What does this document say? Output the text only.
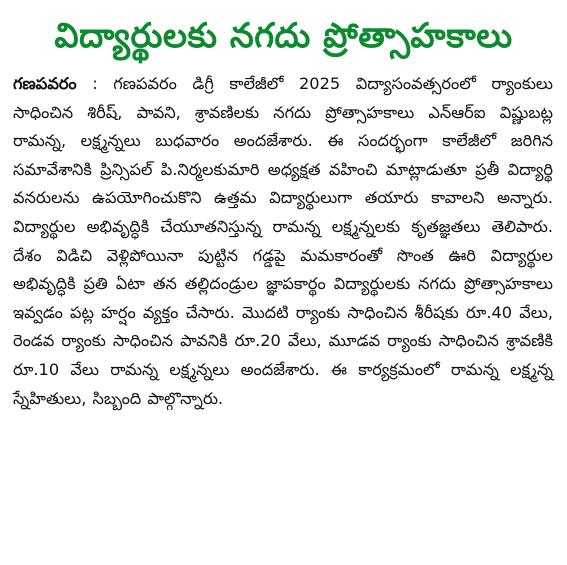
విద్యార్థులకు నగదు ప్రోత్సాహకాలు

గణపవరం : గణపవరం డిగ్రీ కాలేజీలో 2025 విద్యాసంవత్సరంలో ర్యాంకులు సాధించిన శిరీష్, పావని, శ్రావణిలకు నగదు ప్రోత్సాహకాలు ఎన్‌ఆర్‌ఐ విష్ణుబట్ల రామన్న, లక్ష్మన్నలు బుధవారం అందజేశారు. ఈ సందర్భంగా కాలేజీలో జరిగిన సమావేశానికి ప్రిన్సిపల్ పి.నిర్మలకుమారి అధ్యక్షత వహించి మాట్లాడుతూ ప్రతీ విద్యార్థి వనరులను ఉపయోగించుకొని ఉత్తమ విద్యార్థులుగా తయారు కావాలని అన్నారు. విద్యార్థుల అభివృద్ధికి చేయూతనిస్తున్న రామన్న లక్ష్మన్నలకు కృతజ్ఞతలు తెలిపారు. దేశం విడిచి వెళ్లిపోయినా పుట్టిన గడ్డపై మమకారంతో సొంత ఊరి విద్యార్థుల అభివృద్ధికి ప్రతి ఏటా తన తల్లిదండ్రుల జ్ఞాపకార్థం విద్యార్థులకు నగదు ప్రోత్సాహకాలు ఇవ్వడం పట్ల హర్షం వ్యక్తం చేసారు. మొదటి ర్యాంకు సాధించిన శీరీషకు రూ.40 వేలు, రెండవ ర్యాంకు సాధించిన పావనికి రూ.20 వేలు, మూడవ ర్యాంకు సాధించిన శ్రావణికి రూ.10 వేలు రామన్న లక్ష్మన్నలు అందజేశారు. ఈ కార్యక్రమంలో రామన్న లక్ష్మన్న స్నేహితులు, సిబ్బంది పాల్గొన్నారు.
